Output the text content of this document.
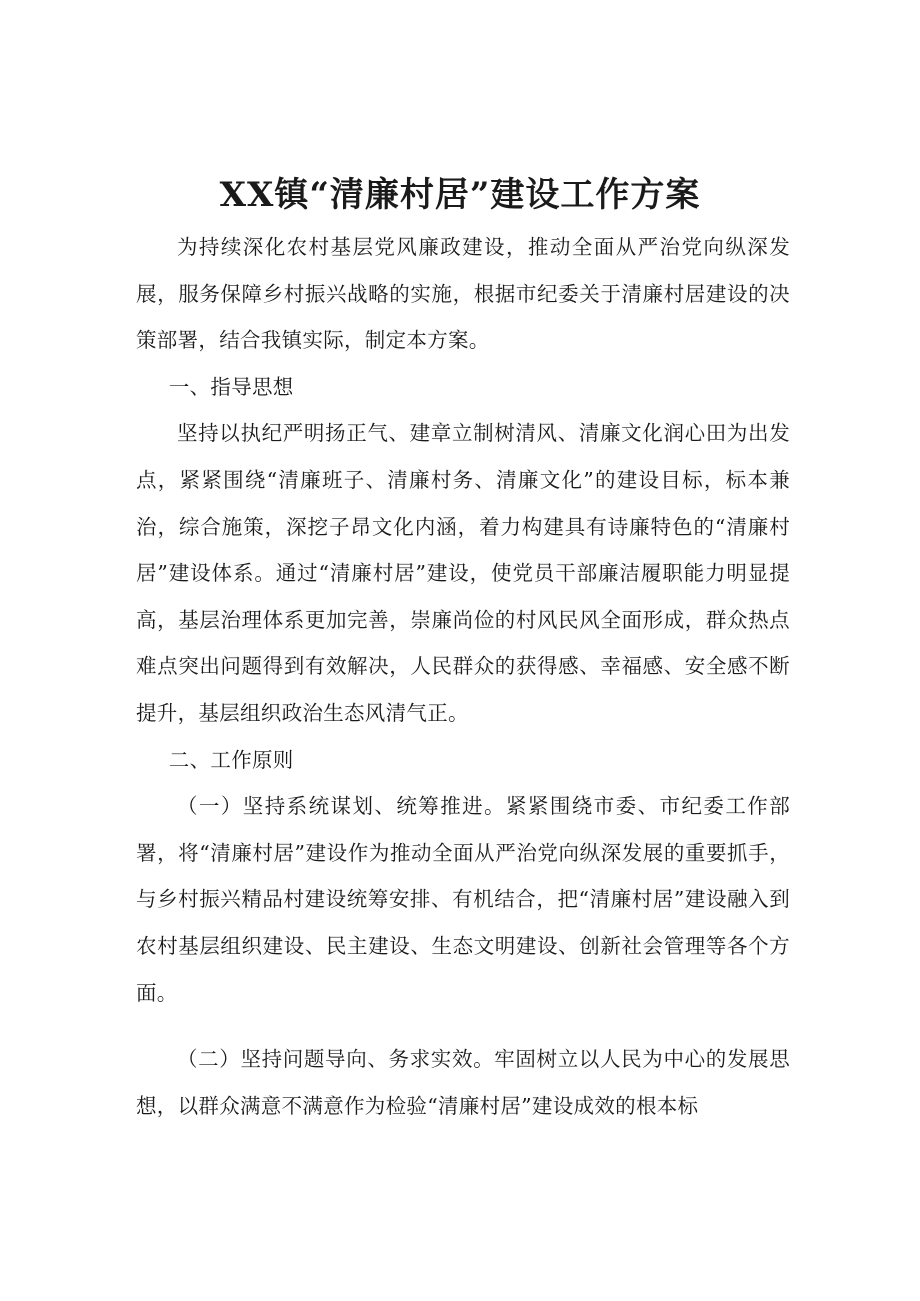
XX镇“清廉村居”建设工作方案

为持续深化农村基层党风廉政建设，推动全面从严治党向纵深发展，服务保障乡村振兴战略的实施，根据市纪委关于清廉村居建设的决策部署，结合我镇实际，制定本方案。

一、指导思想

坚持以执纪严明扬正气、建章立制树清风、清廉文化润心田为出发点，紧紧围绕“清廉班子、清廉村务、清廉文化”的建设目标，标本兼治，综合施策，深挖子昂文化内涵，着力构建具有诗廉特色的“清廉村居”建设体系。通过“清廉村居”建设，使党员干部廉洁履职能力明显提高，基层治理体系更加完善，崇廉尚俭的村风民风全面形成，群众热点难点突出问题得到有效解决，人民群众的获得感、幸福感、安全感不断提升，基层组织政治生态风清气正。

二、工作原则

（一）坚持系统谋划、统筹推进。紧紧围绕市委、市纪委工作部署，将“清廉村居”建设作为推动全面从严治党向纵深发展的重要抓手，与乡村振兴精品村建设统筹安排、有机结合，把“清廉村居”建设融入到农村基层组织建设、民主建设、生态文明建设、创新社会管理等各个方面。

（二）坚持问题导向、务求实效。牢固树立以人民为中心的发展思想，以群众满意不满意作为检验“清廉村居”建设成效的根本标
